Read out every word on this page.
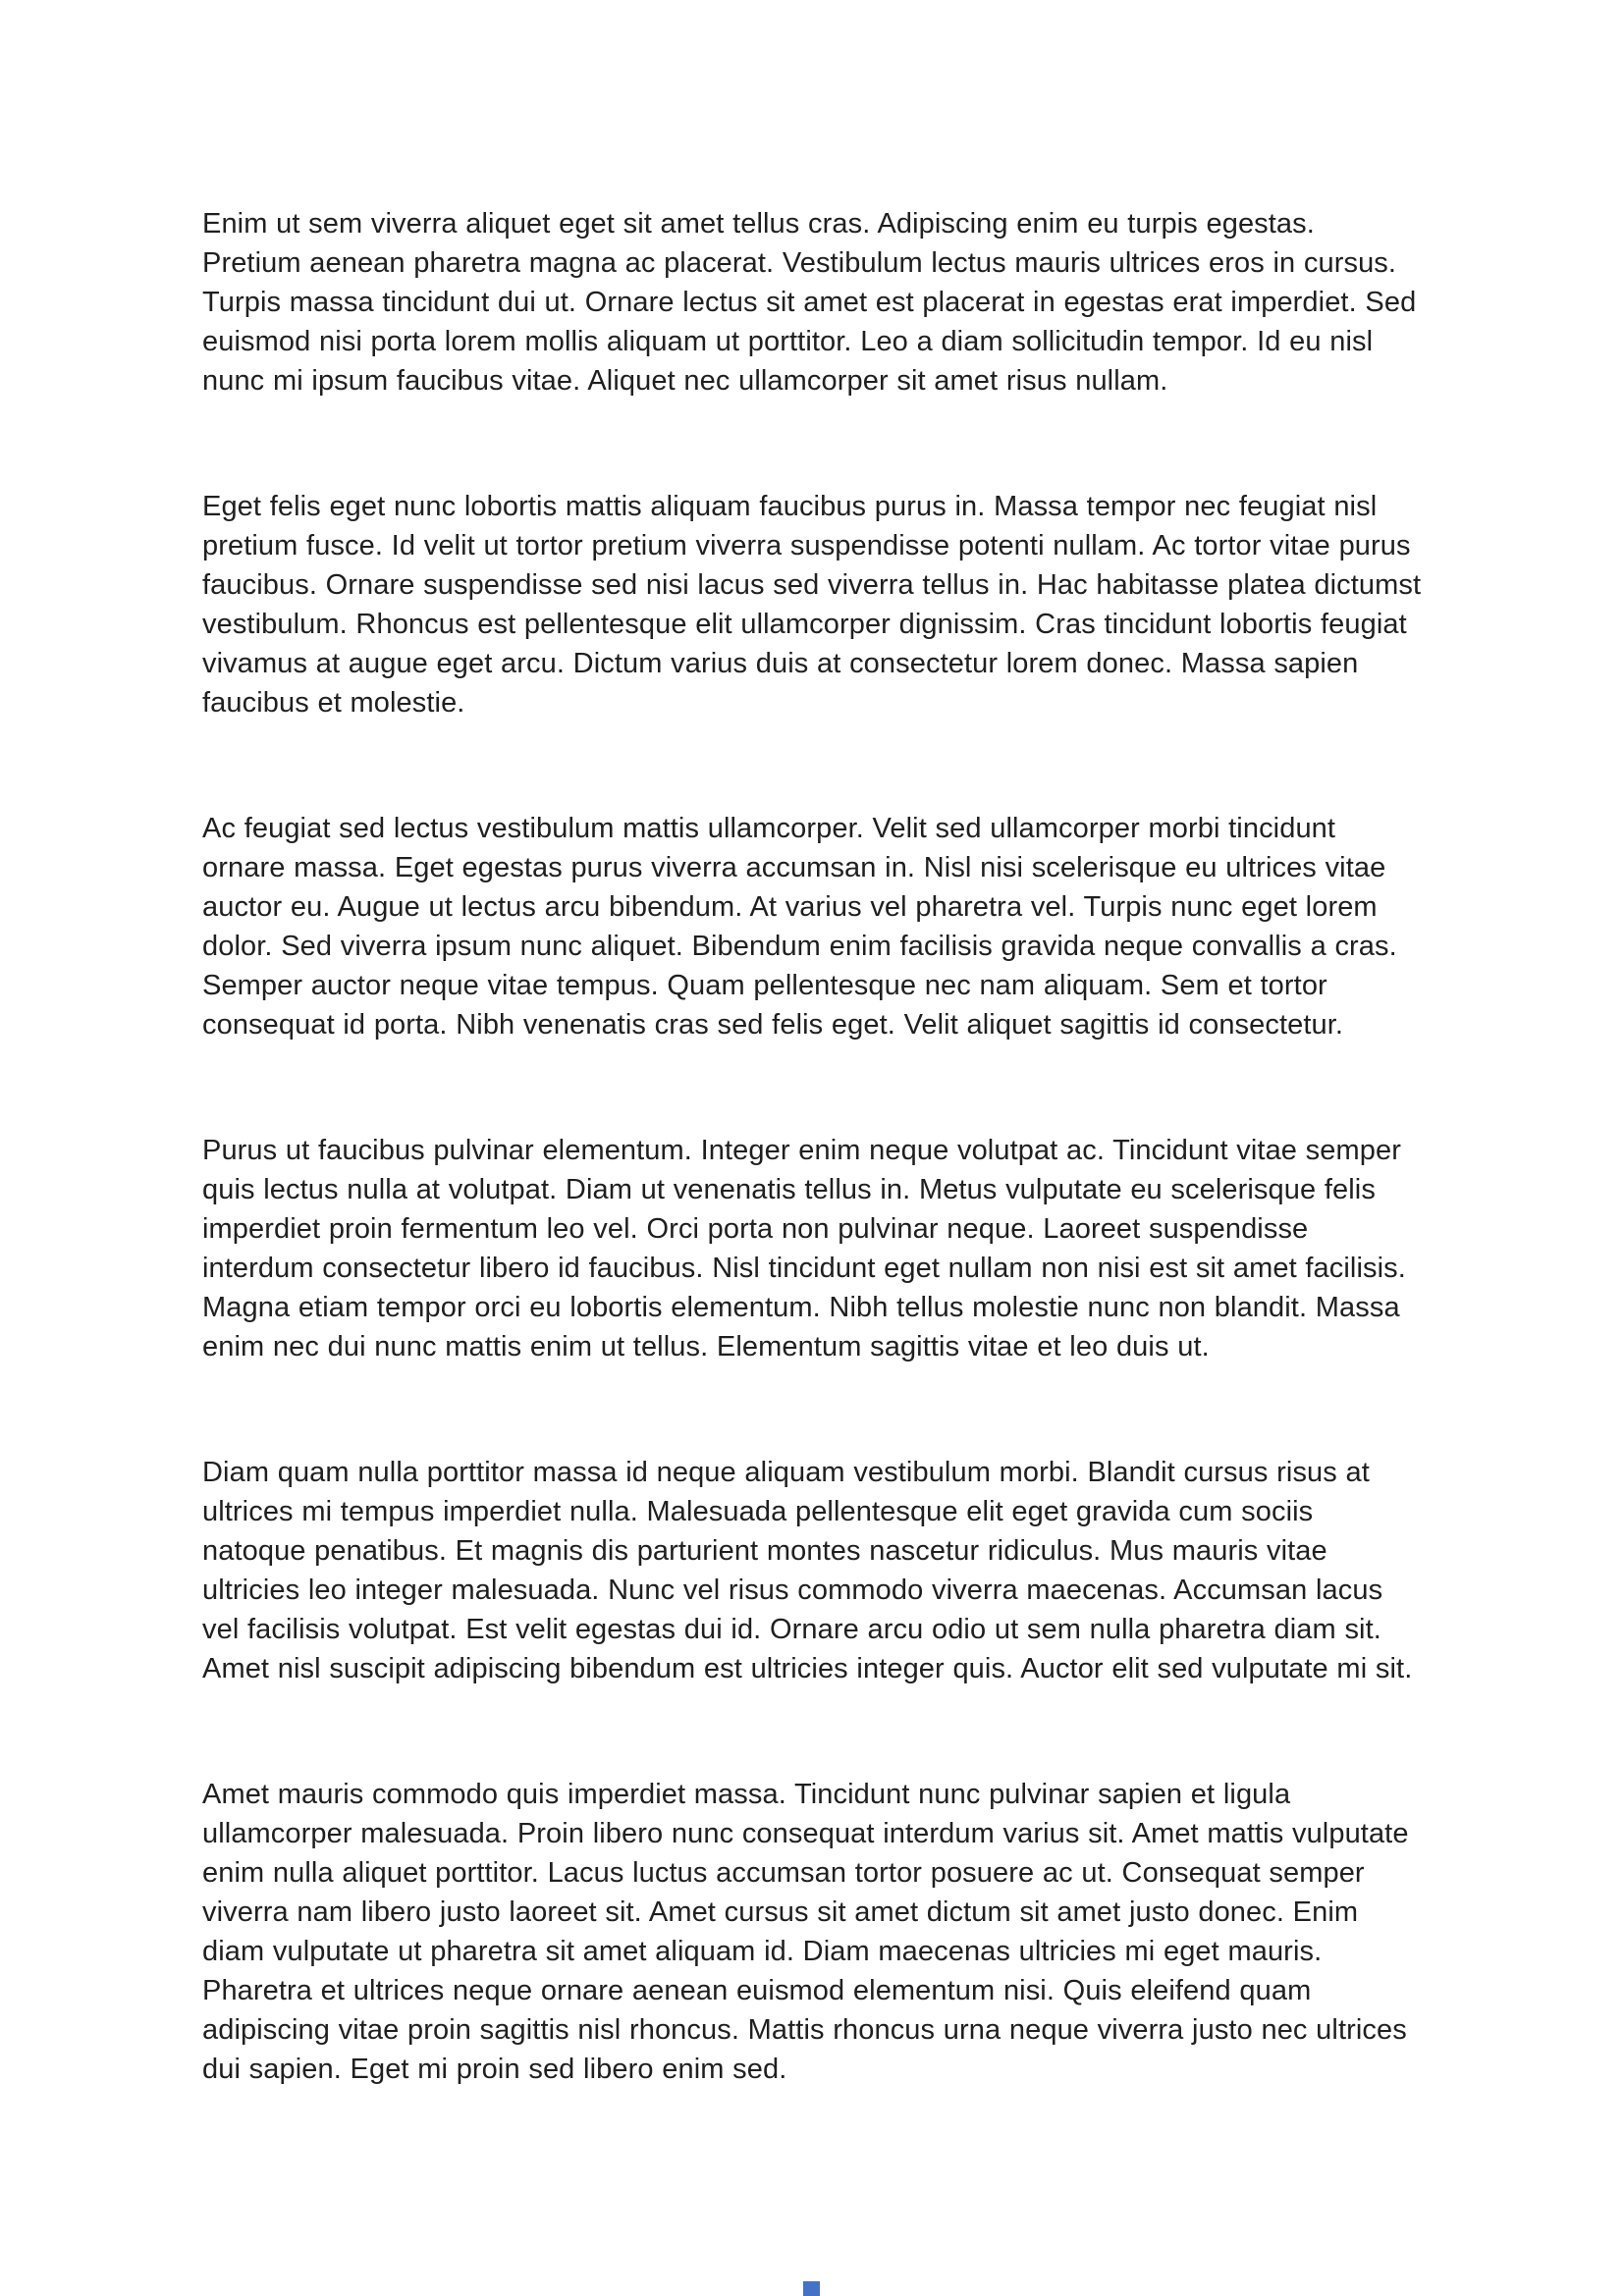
Enim ut sem viverra aliquet eget sit amet tellus cras. Adipiscing enim eu turpis egestas. Pretium aenean pharetra magna ac placerat. Vestibulum lectus mauris ultrices eros in cursus. Turpis massa tincidunt dui ut. Ornare lectus sit amet est placerat in egestas erat imperdiet. Sed euismod nisi porta lorem mollis aliquam ut porttitor. Leo a diam sollicitudin tempor. Id eu nisl nunc mi ipsum faucibus vitae. Aliquet nec ullamcorper sit amet risus nullam.

Eget felis eget nunc lobortis mattis aliquam faucibus purus in. Massa tempor nec feugiat nisl pretium fusce. Id velit ut tortor pretium viverra suspendisse potenti nullam. Ac tortor vitae purus faucibus. Ornare suspendisse sed nisi lacus sed viverra tellus in. Hac habitasse platea dictumst vestibulum. Rhoncus est pellentesque elit ullamcorper dignissim. Cras tincidunt lobortis feugiat vivamus at augue eget arcu. Dictum varius duis at consectetur lorem donec. Massa sapien faucibus et molestie.

Ac feugiat sed lectus vestibulum mattis ullamcorper. Velit sed ullamcorper morbi tincidunt ornare massa. Eget egestas purus viverra accumsan in. Nisl nisi scelerisque eu ultrices vitae auctor eu. Augue ut lectus arcu bibendum. At varius vel pharetra vel. Turpis nunc eget lorem dolor. Sed viverra ipsum nunc aliquet. Bibendum enim facilisis gravida neque convallis a cras. Semper auctor neque vitae tempus. Quam pellentesque nec nam aliquam. Sem et tortor consequat id porta. Nibh venenatis cras sed felis eget. Velit aliquet sagittis id consectetur.

Purus ut faucibus pulvinar elementum. Integer enim neque volutpat ac. Tincidunt vitae semper quis lectus nulla at volutpat. Diam ut venenatis tellus in. Metus vulputate eu scelerisque felis imperdiet proin fermentum leo vel. Orci porta non pulvinar neque. Laoreet suspendisse interdum consectetur libero id faucibus. Nisl tincidunt eget nullam non nisi est sit amet facilisis. Magna etiam tempor orci eu lobortis elementum. Nibh tellus molestie nunc non blandit. Massa enim nec dui nunc mattis enim ut tellus. Elementum sagittis vitae et leo duis ut.

Diam quam nulla porttitor massa id neque aliquam vestibulum morbi. Blandit cursus risus at ultrices mi tempus imperdiet nulla. Malesuada pellentesque elit eget gravida cum sociis natoque penatibus. Et magnis dis parturient montes nascetur ridiculus. Mus mauris vitae ultricies leo integer malesuada. Nunc vel risus commodo viverra maecenas. Accumsan lacus vel facilisis volutpat. Est velit egestas dui id. Ornare arcu odio ut sem nulla pharetra diam sit. Amet nisl suscipit adipiscing bibendum est ultricies integer quis. Auctor elit sed vulputate mi sit.

Amet mauris commodo quis imperdiet massa. Tincidunt nunc pulvinar sapien et ligula ullamcorper malesuada. Proin libero nunc consequat interdum varius sit. Amet mattis vulputate enim nulla aliquet porttitor. Lacus luctus accumsan tortor posuere ac ut. Consequat semper viverra nam libero justo laoreet sit. Amet cursus sit amet dictum sit amet justo donec. Enim diam vulputate ut pharetra sit amet aliquam id. Diam maecenas ultricies mi eget mauris. Pharetra et ultrices neque ornare aenean euismod elementum nisi. Quis eleifend quam adipiscing vitae proin sagittis nisl rhoncus. Mattis rhoncus urna neque viverra justo nec ultrices dui sapien. Eget mi proin sed libero enim sed.
